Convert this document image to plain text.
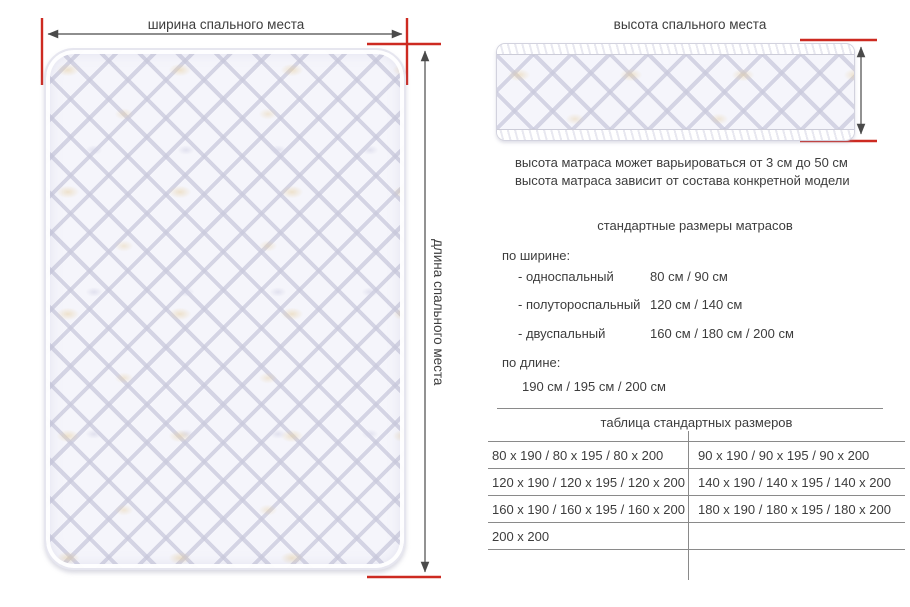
ширина спального места	высота спального места
длина спального места
высота матраса может варьироваться от 3 см до 50 см
высота матраса зависит от состава конкретной модели
стандартные размеры матрасов
по ширине:
- односпальный	80 см / 90 см
- полутороспальный 120 см / 140 см
- двуспальный	160 см / 180 см / 200 см
по длине:
190 см / 195 см / 200 см
таблица стандартных размеров
80 x 190 / 80 x 195 / 80 x 200	90 x 190 / 90 x 195 / 90 x 200
120 x 190 / 120 x 195 / 120 x 200	140 x 190 / 140 x 195 / 140 x 200
160 x 190 / 160 x 195 / 160 x 200	180 x 190 / 180 x 195 / 180 x 200
200 x 200
